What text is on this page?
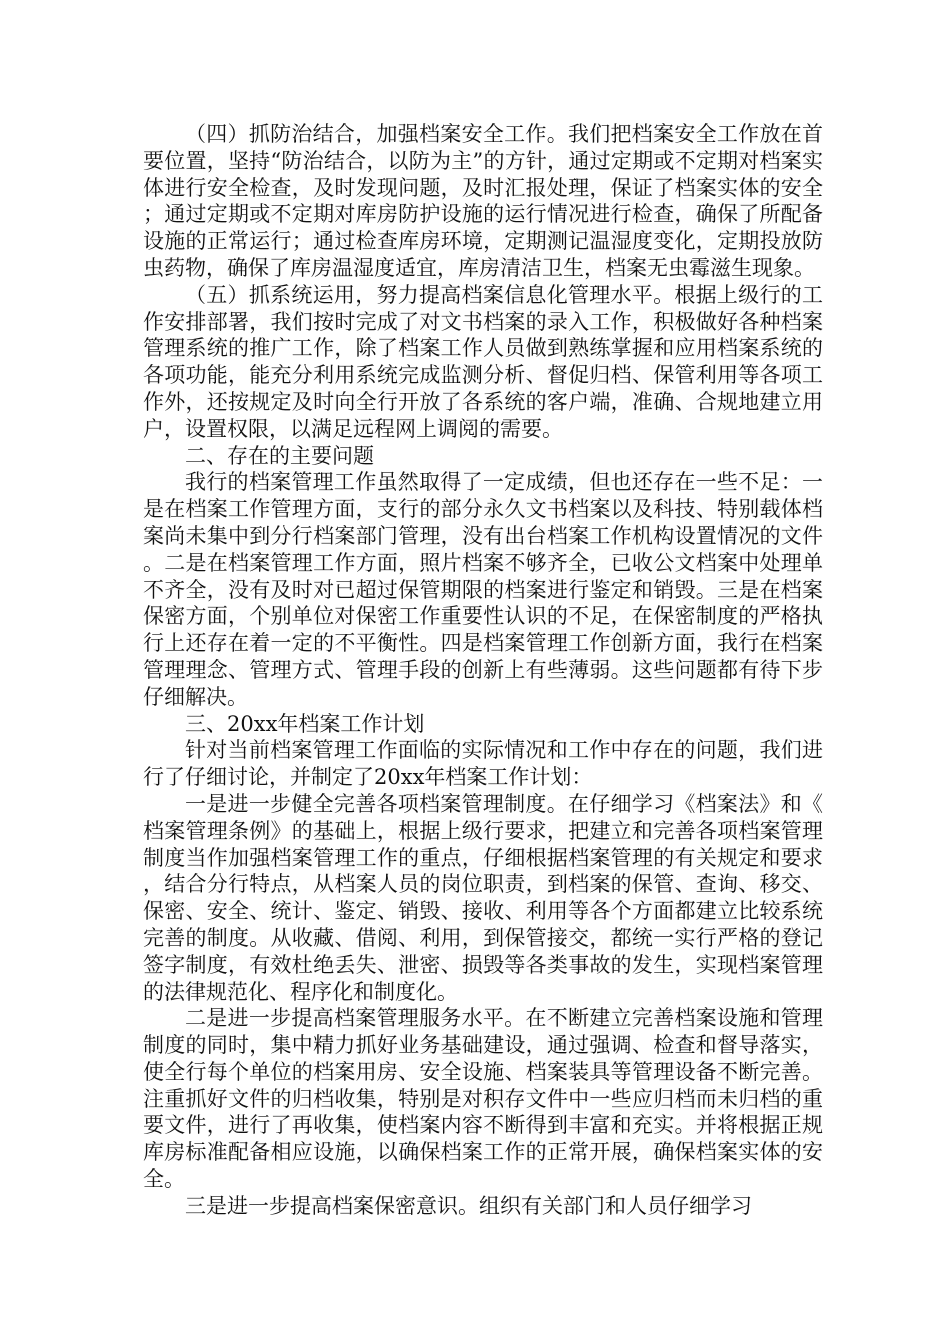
（四）抓防治结合，加强档案安全工作。我们把档案安全工作放在首要位置，坚持“防治结合，以防为主”的方针，通过定期或不定期对档案实体进行安全检查，及时发现问题，及时汇报处理，保证了档案实体的安全；通过定期或不定期对库房防护设施的运行情况进行检查，确保了所配备设施的正常运行；通过检查库房环境，定期测记温湿度变化，定期投放防虫药物，确保了库房温湿度适宜，库房清洁卫生，档案无虫霉滋生现象。

（五）抓系统运用，努力提高档案信息化管理水平。根据上级行的工作安排部署，我们按时完成了对文书档案的录入工作，积极做好各种档案管理系统的推广工作，除了档案工作人员做到熟练掌握和应用档案系统的各项功能，能充分利用系统完成监测分析、督促归档、保管利用等各项工作外，还按规定及时向全行开放了各系统的客户端，准确、合规地建立用户，设置权限，以满足远程网上调阅的需要。

二、存在的主要问题

我行的档案管理工作虽然取得了一定成绩，但也还存在一些不足：一是在档案工作管理方面，支行的部分永久文书档案以及科技、特别载体档案尚未集中到分行档案部门管理，没有出台档案工作机构设置情况的文件。二是在档案管理工作方面，照片档案不够齐全，已收公文档案中处理单不齐全，没有及时对已超过保管期限的档案进行鉴定和销毁。三是在档案保密方面，个别单位对保密工作重要性认识的不足，在保密制度的严格执行上还存在着一定的不平衡性。四是档案管理工作创新方面，我行在档案管理理念、管理方式、管理手段的创新上有些薄弱。这些问题都有待下步仔细解决。

三、20xx年档案工作计划

针对当前档案管理工作面临的实际情况和工作中存在的问题，我们进行了仔细讨论，并制定了20xx年档案工作计划：

一是进一步健全完善各项档案管理制度。在仔细学习《档案法》和《档案管理条例》的基础上，根据上级行要求，把建立和完善各项档案管理制度当作加强档案管理工作的重点，仔细根据档案管理的有关规定和要求，结合分行特点，从档案人员的岗位职责，到档案的保管、查询、移交、保密、安全、统计、鉴定、销毁、接收、利用等各个方面都建立比较系统完善的制度。从收藏、借阅、利用，到保管接交，都统一实行严格的登记签字制度，有效杜绝丢失、泄密、损毁等各类事故的发生，实现档案管理的法律规范化、程序化和制度化。

二是进一步提高档案管理服务水平。在不断建立完善档案设施和管理制度的同时，集中精力抓好业务基础建设，通过强调、检查和督导落实，使全行每个单位的档案用房、安全设施、档案装具等管理设备不断完善。注重抓好文件的归档收集，特别是对积存文件中一些应归档而未归档的重要文件，进行了再收集，使档案内容不断得到丰富和充实。并将根据正规库房标准配备相应设施，以确保档案工作的正常开展，确保档案实体的安全。

三是进一步提高档案保密意识。组织有关部门和人员仔细学习
